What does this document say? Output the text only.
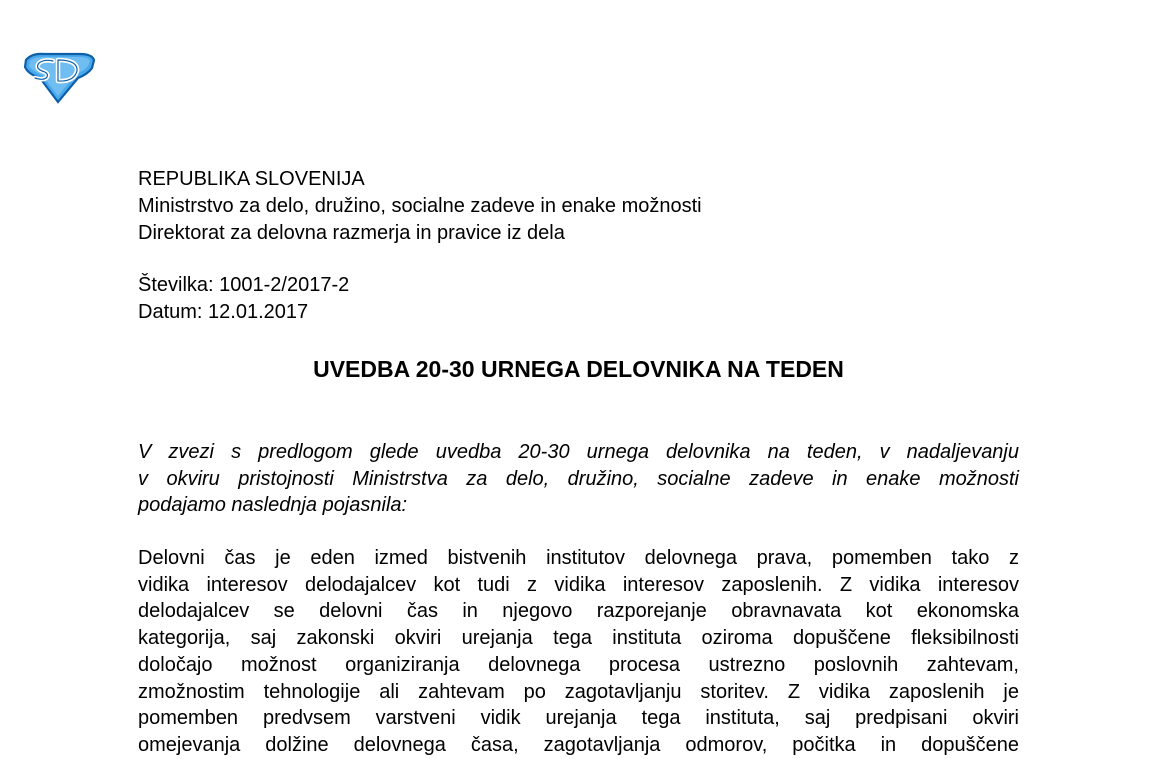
REPUBLIKA SLOVENIJA
Ministrstvo za delo, družino, socialne zadeve in enake možnosti
Direktorat za delovna razmerja in pravice iz dela
Številka: 1001-2/2017-2
Datum: 12.01.2017
UVEDBA 20-30 URNEGA DELOVNIKA NA TEDEN
V zvezi s predlogom glede uvedba 20-30 urnega delovnika na teden, v nadaljevanju
v okviru pristojnosti Ministrstva za delo, družino, socialne zadeve in enake možnosti
podajamo naslednja pojasnila:
Delovni čas je eden izmed bistvenih institutov delovnega prava, pomemben tako z
vidika interesov delodajalcev kot tudi z vidika interesov zaposlenih. Z vidika interesov
delodajalcev se delovni čas in njegovo razporejanje obravnavata kot ekonomska
kategorija, saj zakonski okviri urejanja tega instituta oziroma dopuščene fleksibilnosti
določajo možnost organiziranja delovnega procesa ustrezno poslovnih zahtevam,
zmožnostim tehnologije ali zahtevam po zagotavljanju storitev. Z vidika zaposlenih je
pomemben predvsem varstveni vidik urejanja tega instituta, saj predpisani okviri
omejevanja dolžine delovnega časa, zagotavljanja odmorov, počitka in dopuščene
